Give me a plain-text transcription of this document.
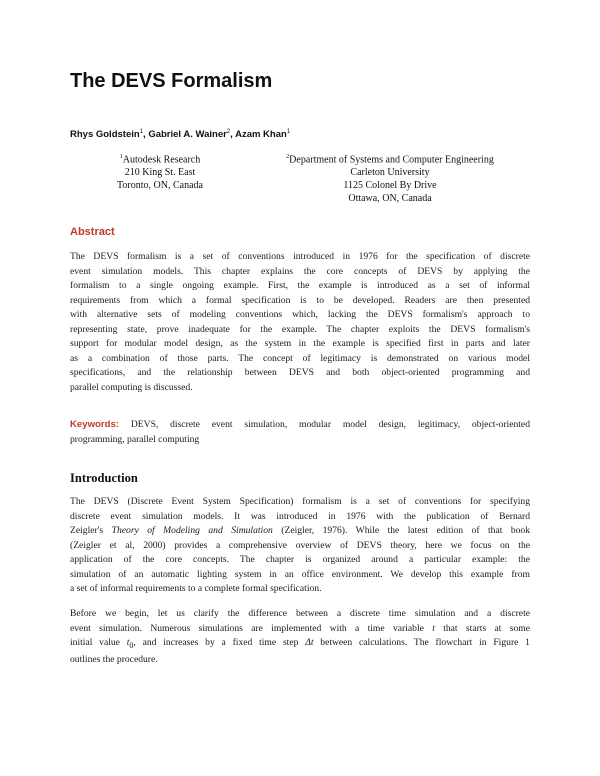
The DEVS Formalism
Rhys Goldstein$^1$, Gabriel A. Wainer$^2$, Azam Khan$^1$
$^1$Autodesk Research
210 King St. East
Toronto, ON, Canada
$^2$Department of Systems and Computer Engineering
Carleton University
1125 Colonel By Drive
Ottawa, ON, Canada
Abstract
The DEVS formalism is a set of conventions introduced in 1976 for the specification of discrete
event simulation models. This chapter explains the core concepts of DEVS by applying the
formalism to a single ongoing example. First, the example is introduced as a set of informal
requirements from which a formal specification is to be developed. Readers are then presented
with alternative sets of modeling conventions which, lacking the DEVS formalism's approach to
representing state, prove inadequate for the example. The chapter exploits the DEVS formalism's
support for modular model design, as the system in the example is specified first in parts and later
as a combination of those parts. The concept of legitimacy is demonstrated on various model
specifications, and the relationship between DEVS and both object-oriented programming and
parallel computing is discussed.
Keywords: DEVS, discrete event simulation, modular model design, legitimacy, object-oriented
programming, parallel computing
Introduction
The DEVS (Discrete Event System Specification) formalism is a set of conventions for specifying
discrete event simulation models. It was introduced in 1976 with the publication of Bernard
Zeigler's Theory of Modeling and Simulation (Zeigler, 1976). While the latest edition of that book
(Zeigler et al, 2000) provides a comprehensive overview of DEVS theory, here we focus on the
application of the core concepts. The chapter is organized around a particular example: the
simulation of an automatic lighting system in an office environment. We develop this example from
a set of informal requirements to a complete formal specification.
Before we begin, let us clarify the difference between a discrete time simulation and a discrete
event simulation. Numerous simulations are implemented with a time variable t that starts at some
initial value $t_0$, and increases by a fixed time step Δt between calculations. The flowchart in Figure 1
outlines the procedure.
